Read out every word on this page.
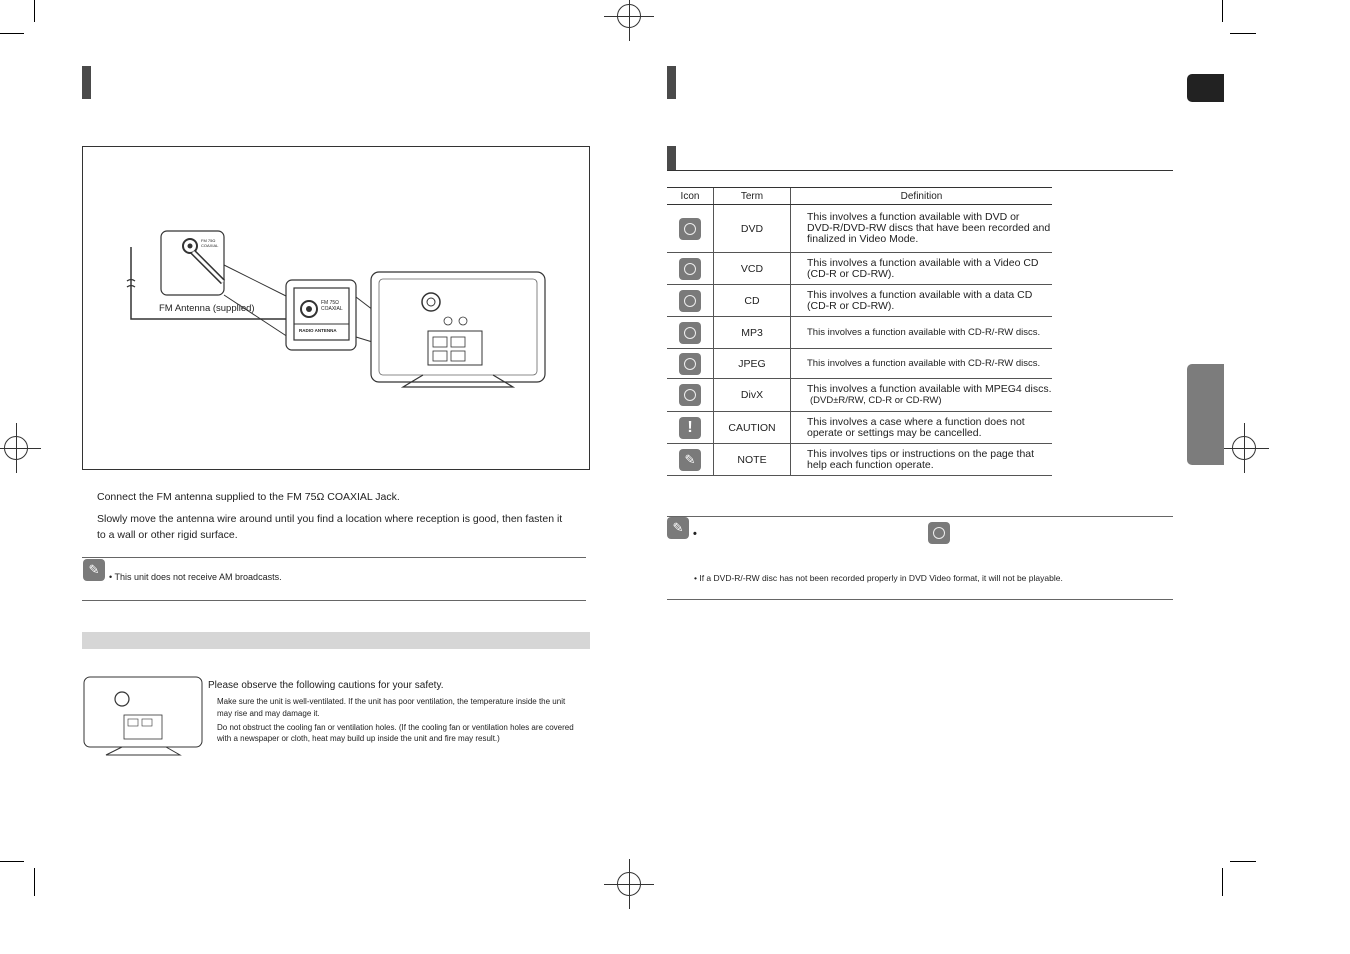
FM Antenna (supplied)
FM 75Ω
COAXIAL
FM 75Ω
COAXIAL
RADIO ANTENNA
Connect the FM antenna supplied to the FM 75Ω COAXIAL Jack.
Slowly move the antenna wire around until you find a location where reception is good, then fasten it
to a wall or other rigid surface.
✎	• This unit does not receive AM broadcasts.
Please observe the following cautions for your safety.
Make sure the unit is well-ventilated. If the unit has poor ventilation, the temperature inside the unit
may rise and may damage it.
Do not obstruct the cooling fan or ventilation holes. (If the cooling fan or ventilation holes are covered
with a newspaper or cloth, heat may build up inside the unit and fire may result.)
Icon	Term	Definition

	DVD	This involves a function available with DVD or
DVD-R/DVD-RW discs that have been recorded and
finalized in Video Mode.

	VCD	This involves a function available with a Video CD
(CD-R or CD-RW).

	CD	This involves a function available with a data CD
(CD-R or CD-RW).

	MP3	This involves a function available with CD-R/-RW discs.

	JPEG	This involves a function available with CD-R/-RW discs.

	DivX	This involves a function available with MPEG4 discs.
(DVD±R/RW, CD-R or CD-RW)

!	CAUTION	This involves a case where a function does not
operate or settings may be cancelled.

✎	NOTE	This involves tips or instructions on the page that
help each function operate.
✎ •
• If a DVD-R/-RW disc has not been recorded properly in DVD Video format, it will not be playable.
